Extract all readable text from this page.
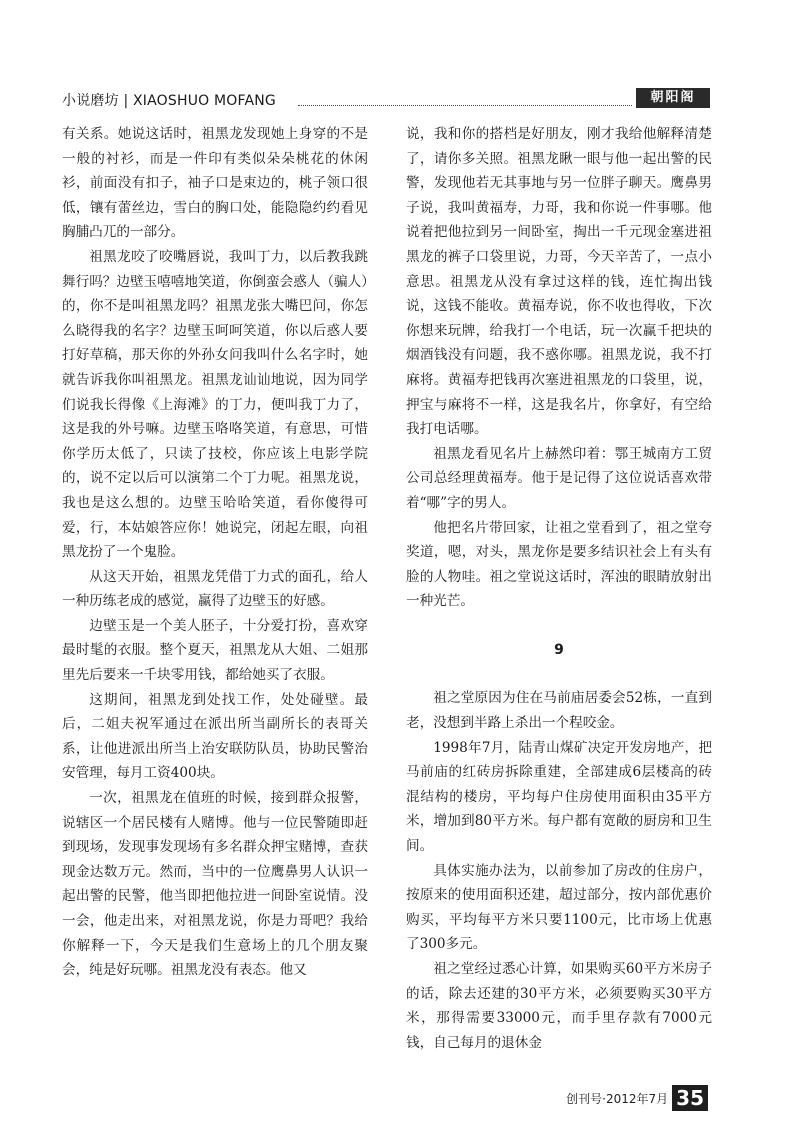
小说磨坊 | XIAOSHUO MOFANG	朝阳阁

有关系。她说这话时，祖黑龙发现她上身穿的不是一般的衬衫，而是一件印有类似朵朵桃花的休闲衫，前面没有扣子，袖子口是束边的，桃子领口很低，镶有蕾丝边，雪白的胸口处，能隐隐约约看见胸脯凸兀的一部分。

祖黑龙咬了咬嘴唇说，我叫丁力，以后教我跳舞行吗？边壁玉嘻嘻地笑道，你倒蛮会惑人（骗人）的，你不是叫祖黑龙吗？祖黑龙张大嘴巴问，你怎么晓得我的名字？边壁玉呵呵笑道，你以后惑人要打好草稿，那天你的外孙女问我叫什么名字时，她就告诉我你叫祖黑龙。祖黑龙讪讪地说，因为同学们说我长得像《上海滩》的丁力，便叫我丁力了，这是我的外号嘛。边壁玉咯咯笑道，有意思，可惜你学历太低了，只读了技校，你应该上电影学院的，说不定以后可以演第二个丁力呢。祖黑龙说，我也是这么想的。边壁玉哈哈笑道，看你傻得可爱，行，本姑娘答应你！她说完，闭起左眼，向祖黑龙扮了一个鬼脸。

从这天开始，祖黑龙凭借丁力式的面孔，给人一种历练老成的感觉，赢得了边壁玉的好感。

边壁玉是一个美人胚子，十分爱打扮，喜欢穿最时髦的衣服。整个夏天，祖黑龙从大姐、二姐那里先后要来一千块零用钱，都给她买了衣服。

这期间，祖黑龙到处找工作，处处碰壁。最后，二姐夫祝军通过在派出所当副所长的表哥关系，让他进派出所当上治安联防队员，协助民警治安管理，每月工资400块。

一次，祖黑龙在值班的时候，接到群众报警，说辖区一个居民楼有人赌博。他与一位民警随即赶到现场，发现事发现场有多名群众押宝赌博，查获现金达数万元。然而，当中的一位鹰鼻男人认识一起出警的民警，他当即把他拉进一间卧室说情。没一会，他走出来，对祖黑龙说，你是力哥吧？我给你解释一下，今天是我们生意场上的几个朋友聚会，纯是好玩哪。祖黑龙没有表态。他又

说，我和你的搭档是好朋友，刚才我给他解释清楚了，请你多关照。祖黑龙瞅一眼与他一起出警的民警，发现他若无其事地与另一位胖子聊天。鹰鼻男子说，我叫黄福寿，力哥，我和你说一件事哪。他说着把他拉到另一间卧室，掏出一千元现金塞进祖黑龙的裤子口袋里说，力哥，今天辛苦了，一点小意思。祖黑龙从没有拿过这样的钱，连忙掏出钱说，这钱不能收。黄福寿说，你不收也得收，下次你想来玩牌，给我打一个电话，玩一次赢千把块的烟酒钱没有问题，我不惑你哪。祖黑龙说，我不打麻将。黄福寿把钱再次塞进祖黑龙的口袋里，说，押宝与麻将不一样，这是我名片，你拿好，有空给我打电话哪。

祖黑龙看见名片上赫然印着：鄂王城南方工贸公司总经理黄福寿。他于是记得了这位说话喜欢带着“哪”字的男人。

他把名片带回家，让祖之堂看到了，祖之堂夸奖道，嗯，对头，黑龙你是要多结识社会上有头有脸的人物哇。祖之堂说这话时，浑浊的眼睛放射出一种光芒。

9

祖之堂原因为住在马前庙居委会52栋，一直到老，没想到半路上杀出一个程咬金。

1998年7月，陆青山煤矿决定开发房地产，把马前庙的红砖房拆除重建，全部建成6层楼高的砖混结构的楼房，平均每户住房使用面积由35平方米，增加到80平方米。每户都有宽敞的厨房和卫生间。

具体实施办法为，以前参加了房改的住房户，按原来的使用面积还建，超过部分，按内部优惠价购买，平均每平方米只要1100元，比市场上优惠了300多元。

祖之堂经过悉心计算，如果购买60平方米房子的话，除去还建的30平方米，必须要购买30平方米，那得需要33000元，而手里存款有7000元钱，自己每月的退休金

创刊号·2012年7月 35
